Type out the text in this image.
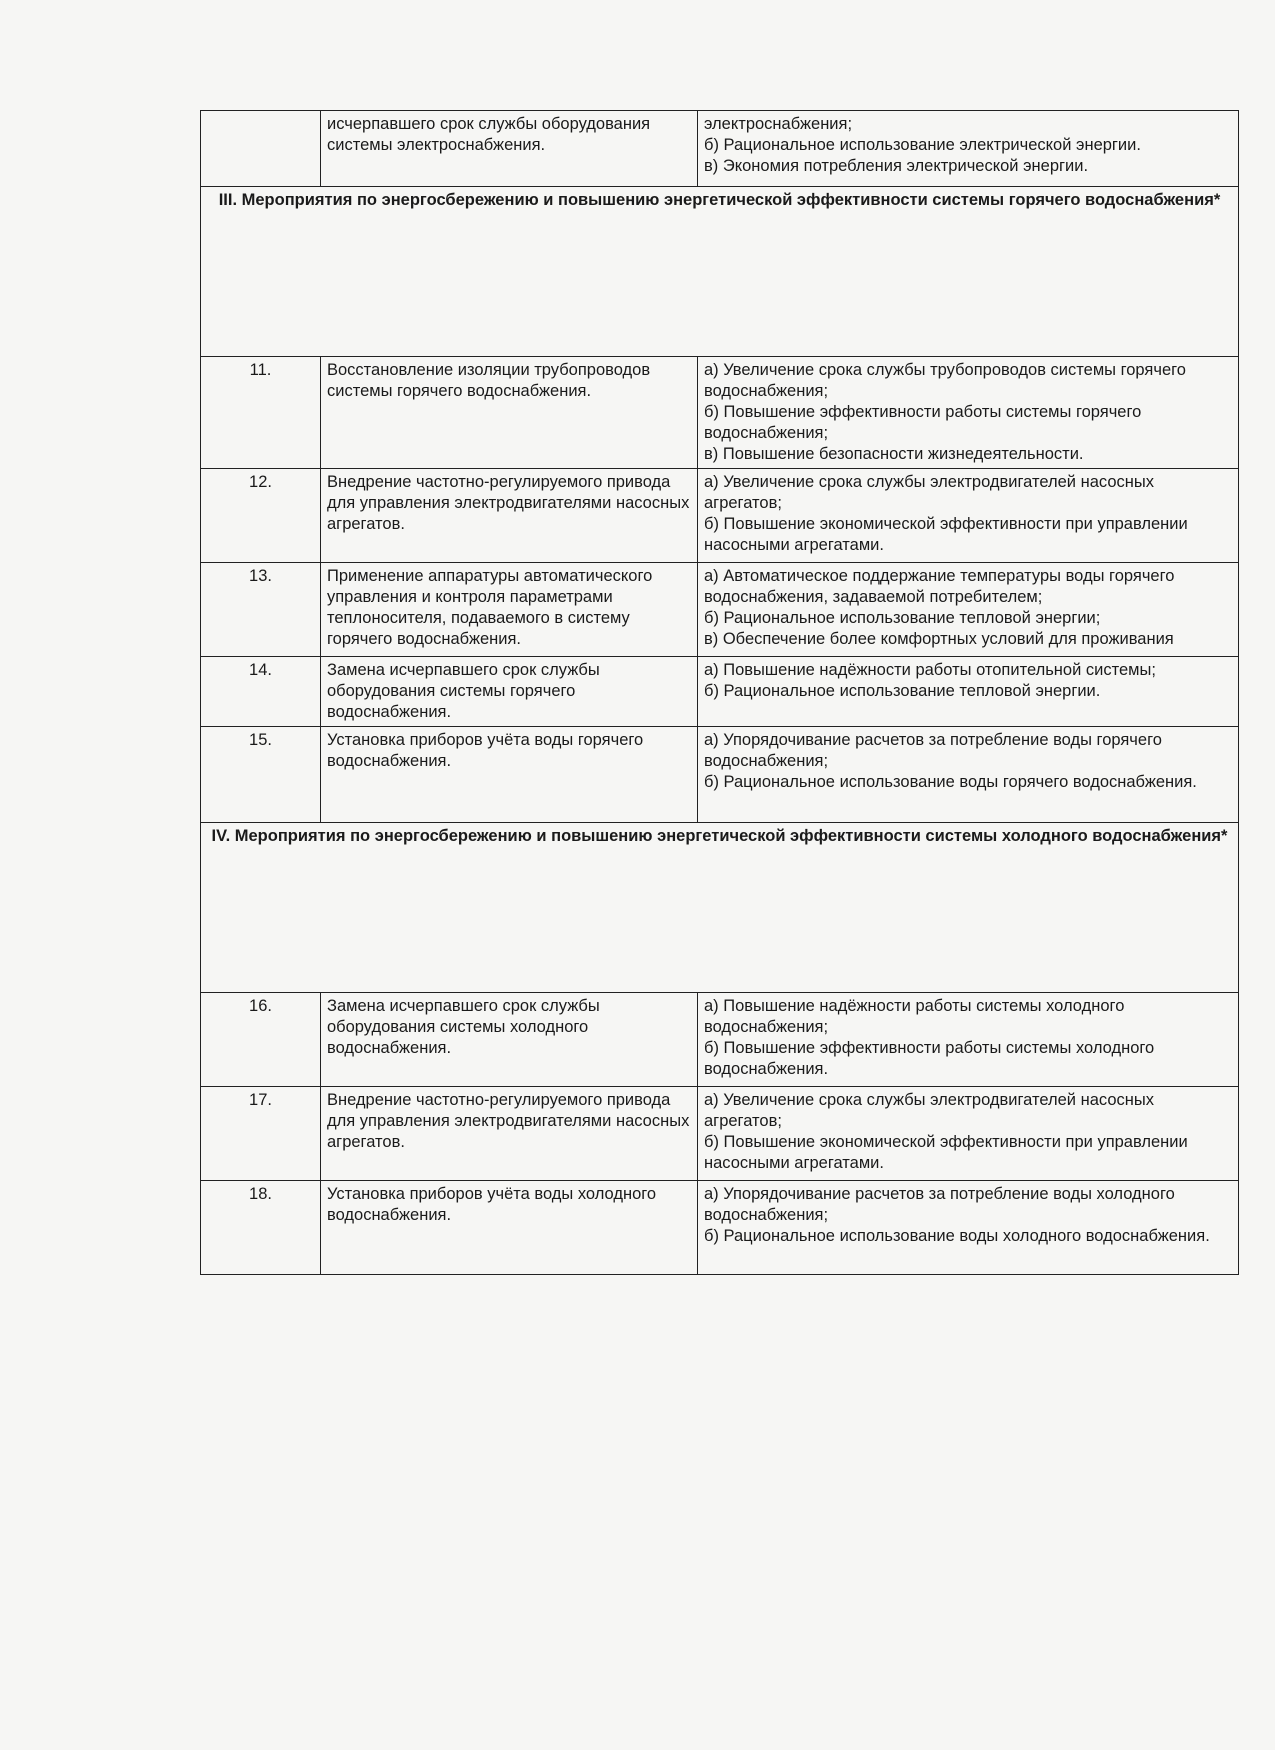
	исчерпавшего срок службы оборудования системы электроснабжения.	электроснабжения;
б) Рациональное использование электрической энергии.
в) Экономия потребления электрической энергии.

III. Мероприятия по энергосбережению и повышению энергетической эффективности системы горячего водоснабжения*		
11.	Восстановление изоляции трубопроводов системы горячего водоснабжения.	а) Увеличение срока службы трубопроводов системы горячего водоснабжения;
б) Повышение эффективности работы системы горячего водоснабжения;
в) Повышение безопасности жизнедеятельности.

12.	Внедрение частотно-регулируемого привода для управления электродвигателями насосных агрегатов.	а) Увеличение срока службы электродвигателей насосных агрегатов;
б) Повышение экономической эффективности при управлении насосными агрегатами.

13.	Применение аппаратуры автоматического управления и контроля параметрами теплоносителя, подаваемого в систему горячего водоснабжения.	а) Автоматическое поддержание температуры воды горячего водоснабжения, задаваемой потребителем;
б) Рациональное использование тепловой энергии;
в) Обеспечение более комфортных условий для проживания

14.	Замена исчерпавшего срок службы оборудования системы горячего водоснабжения.	а) Повышение надёжности работы отопительной системы;
б) Рациональное использование тепловой энергии.

15.	Установка приборов учёта воды горячего водоснабжения.	а) Упорядочивание расчетов за потребление воды горячего водоснабжения;
б) Рациональное использование воды горячего водоснабжения.

IV. Мероприятия по энергосбережению и повышению энергетической эффективности системы холодного водоснабжения*		
16.	Замена исчерпавшего срок службы оборудования системы холодного водоснабжения.	а) Повышение надёжности работы системы холодного водоснабжения;
б) Повышение эффективности работы системы холодного водоснабжения.

17.	Внедрение частотно-регулируемого привода для управления электродвигателями насосных агрегатов.	а) Увеличение срока службы электродвигателей насосных агрегатов;
б) Повышение экономической эффективности при управлении насосными агрегатами.

18.	Установка приборов учёта воды холодного водоснабжения.	а) Упорядочивание расчетов за потребление воды холодного водоснабжения;
б) Рациональное использование воды холодного водоснабжения.
